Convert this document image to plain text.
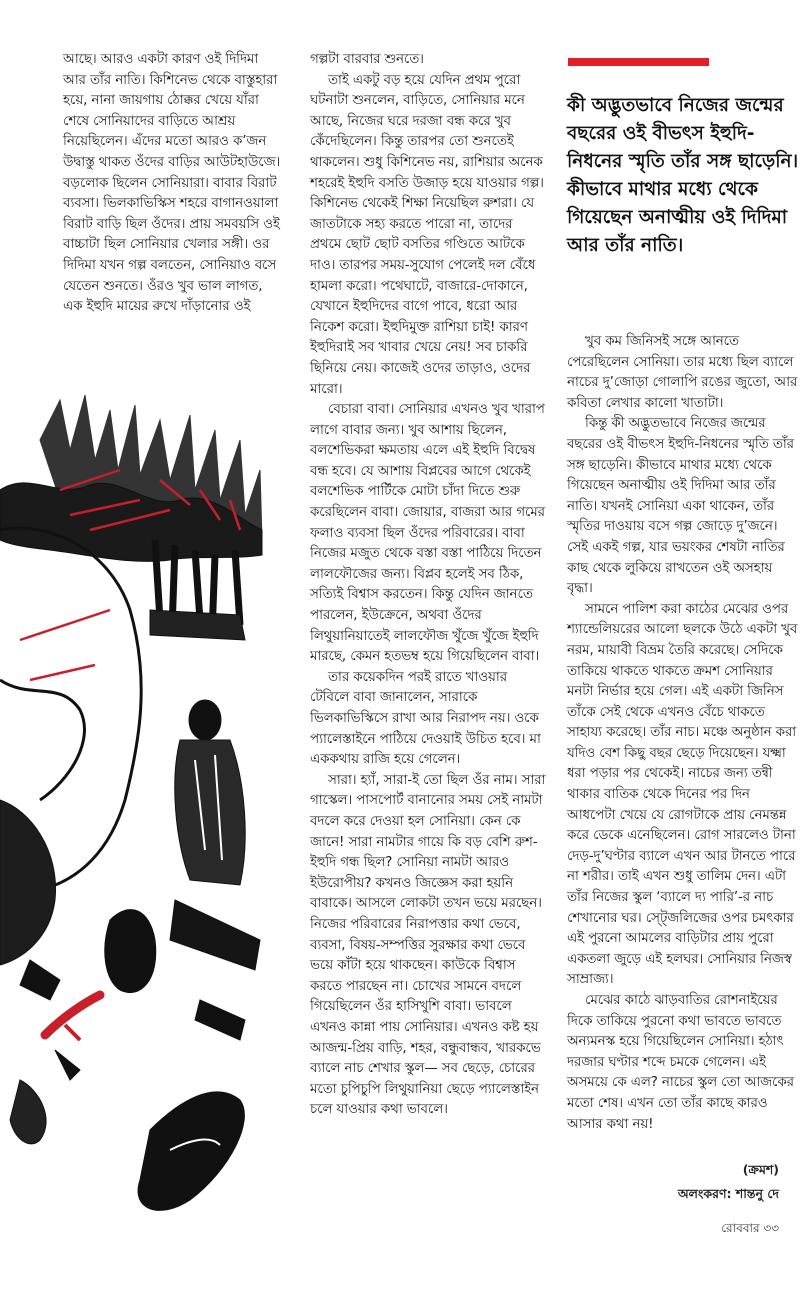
আছে। আরও একটা কারণ ওই দিদিমা আর তাঁর নাতি। কিশিনেভ থেকে বাস্তুহারা হয়ে, নানা জায়গায় ঠোক্কর খেয়ে যাঁরা শেষে সোনিয়াদের বাড়িতে আশ্রয় নিয়েছিলেন। এঁদের মতো আরও ক’জন উদ্বাস্তু থাকত ওঁদের বাড়ির আউটহাউজে। বড়লোক ছিলেন সোনিয়ারা। বাবার বিরাট ব্যবসা। ভিলকাভিস্কিস শহরে বাগানওয়ালা বিরাট বাড়ি ছিল ওঁদের। প্রায় সমবয়সি ওই বাচ্চাটা ছিল সোনিয়ার খেলার সঙ্গী। ওর দিদিমা যখন গল্প বলতেন, সোনিয়াও বসে যেতেন শুনতে। ওঁরও খুব ভাল লাগত, এক ইহুদি মায়ের রুখে দাঁড়ানোর ওই

গল্পটা বারবার শুনতে।

তাই একটু বড় হয়ে যেদিন প্রথম পুরো ঘটনাটা শুনলেন, বাড়িতে, সোনিয়ার মনে আছে, নিজের ঘরে দরজা বন্ধ করে খুব কেঁদেছিলেন। কিন্তু তারপর তো শুনতেই থাকলেন। শুধু কিশিনেভ নয়, রাশিয়ার অনেক শহরেই ইহুদি বসতি উজাড় হয়ে যাওয়ার গল্প। কিশিনেভ থেকেই শিক্ষা নিয়েছিল রুশরা। যে জাতটাকে সহ্য করতে পারো না, তাদের প্রথমে ছোট ছোট বসতির গণ্ডিতে আটকে দাও। তারপর সময়-সুযোগ পেলেই দল বেঁধে হামলা করো। পথেঘাটে, বাজারে-দোকানে, যেখানে ইহুদিদের বাগে পাবে, ধরো আর নিকেশ করো। ইহুদিমুক্ত রাশিয়া চাই! কারণ ইহুদিরাই সব খাবার খেয়ে নেয়! সব চাকরি ছিনিয়ে নেয়। কাজেই ওদের তাড়াও, ওদের মারো।

বেচারা বাবা। সোনিয়ার এখনও খুব খারাপ লাগে বাবার জন্য। খুব আশায় ছিলেন, বলশেভিকরা ক্ষমতায় এলে এই ইহুদি বিদ্বেষ বন্ধ হবে। যে আশায় বিপ্লবের আগে থেকেই বলশেভিক পার্টিকে মোটা চাঁদা দিতে শুরু করেছিলেন বাবা। জোয়ার, বাজরা আর গমের ফলাও ব্যবসা ছিল ওঁদের পরিবারের। বাবা নিজের মজুত থেকে বস্তা বস্তা পাঠিয়ে দিতেন লালফৌজের জন্য। বিপ্লব হলেই সব ঠিক, সত্যিই বিশ্বাস করতেন। কিন্তু যেদিন জানতে পারলেন, ইউক্রেনে, অথবা ওঁদের লিথুয়ানিয়াতেই লালফৌজ খুঁজে খুঁজে ইহুদি মারছে, কেমন হতভম্ব হয়ে গিয়েছিলেন বাবা।

তার কয়েকদিন পরই রাতে খাওয়ার টেবিলে বাবা জানালেন, সারাকে ভিলকাভিস্কিসে রাখা আর নিরাপদ নয়। ওকে প্যালেস্তাইনে পাঠিয়ে দেওয়াই উচিত হবে। মা এককথায় রাজি হয়ে গেলেন।

সারা। হ্যাঁ, সারা-ই তো ছিল ওঁর নাম। সারা গাস্কেল। পাসপোর্ট বানানোর সময় সেই নামটা বদলে করে দেওয়া হল সোনিয়া। কেন কে জানে! সারা নামটার গায়ে কি বড় বেশি রুশ-ইহুদি গন্ধ ছিল? সোনিয়া নামটা আরও ইউরোপীয়? কখনও জিজ্ঞেস করা হয়নি বাবাকে। আসলে লোকটা তখন ভয়ে মরছেন। নিজের পরিবারের নিরাপত্তার কথা ভেবে, ব্যবসা, বিষয়-সম্পত্তির সুরক্ষার কথা ভেবে ভয়ে কাঁটা হয়ে থাকছেন। কাউকে বিশ্বাস করতে পারছেন না। চোখের সামনে বদলে গিয়েছিলেন ওঁর হাসিখুশি বাবা। ভাবলে এখনও কান্না পায় সোনিয়ার। এখনও কষ্ট হয় আজন্ম-প্রিয় বাড়ি, শহর, বন্ধুবান্ধব, খারকভে ব্যালে নাচ শেখার স্কুল— সব ছেড়ে, চোরের মতো চুপিচুপি লিথুয়ানিয়া ছেড়ে প্যালেস্তাইন চলে যাওয়ার কথা ভাবলে।

কী অদ্ভুতভাবে নিজের জন্মের বছরের ওই বীভৎস ইহুদি-নিধনের স্মৃতি তাঁর সঙ্গ ছাড়েনি। কীভাবে মাথার মধ্যে থেকে গিয়েছেন অনাত্মীয় ওই দিদিমা আর তাঁর নাতি।

খুব কম জিনিসই সঙ্গে আনতে পেরেছিলেন সোনিয়া। তার মধ্যে ছিল ব্যালে নাচের দু’জোড়া গোলাপি রঙের জুতো, আর কবিতা লেখার কালো খাতাটা।

কিন্তু কী অদ্ভুতভাবে নিজের জন্মের বছরের ওই বীভৎস ইহুদি-নিধনের স্মৃতি তাঁর সঙ্গ ছাড়েনি। কীভাবে মাথার মধ্যে থেকে গিয়েছেন অনাত্মীয় ওই দিদিমা আর তাঁর নাতি। যখনই সোনিয়া একা থাকেন, তাঁর স্মৃতির দাওয়ায় বসে গল্প জোড়ে দু’জনে। সেই একই গল্প, যার ভয়ংকর শেষটা নাতির কাছ থেকে লুকিয়ে রাখতেন ওই অসহায় বৃদ্ধা।

সামনে পালিশ করা কাঠের মেঝের ওপর শ্যান্ডেলিয়রের আলো ছলকে উঠে একটা খুব নরম, মায়াবী বিভ্রম তৈরি করেছে। সেদিকে তাকিয়ে থাকতে থাকতে ক্রমশ সোনিয়ার মনটা নির্ভার হয়ে গেল। এই একটা জিনিস তাঁকে সেই থেকে এখনও বেঁচে থাকতে সাহায্য করেছে। তাঁর নাচ। মঞ্চে অনুষ্ঠান করা যদিও বেশ কিছু বছর ছেড়ে দিয়েছেন। যক্ষ্মা ধরা পড়ার পর থেকেই। নাচের জন্য তন্বী থাকার বাতিক থেকে দিনের পর দিন আধপেটা খেয়ে যে রোগটাকে প্রায় নেমন্তন্ন করে ডেকে এনেছিলেন। রোগ সারলেও টানা দেড়-দু’ঘণ্টার ব্যালে এখন আর টানতে পারে না শরীর। তাই এখন শুধু তালিম দেন। এটা তাঁর নিজের স্কুল ‘ব্যালে দ্য পারি’-র নাচ শেখানোর ঘর। স্ট্জেলিজের ওপর চমৎকার এই পুরনো আমলের বাড়িটার প্রায় পুরো একতলা জুড়ে এই হলঘর। সোনিয়ার নিজস্ব সাম্রাজ্য।

মেঝের কাঠে ঝাড়বাতির রোশনাইয়ের দিকে তাকিয়ে পুরনো কথা ভাবতে ভাবতে অন্যমনস্ক হয়ে গিয়েছিলেন সোনিয়া। হঠাৎ দরজার ঘণ্টার শব্দে চমকে গেলেন। এই অসময়ে কে এল? নাচের স্কুল তো আজকের মতো শেষ। এখন তো তাঁর কাছে কারও আসার কথা নয়!

(ক্রমশ)
অলংকরণ: শান্তনু দে
রোববার ৩৩
